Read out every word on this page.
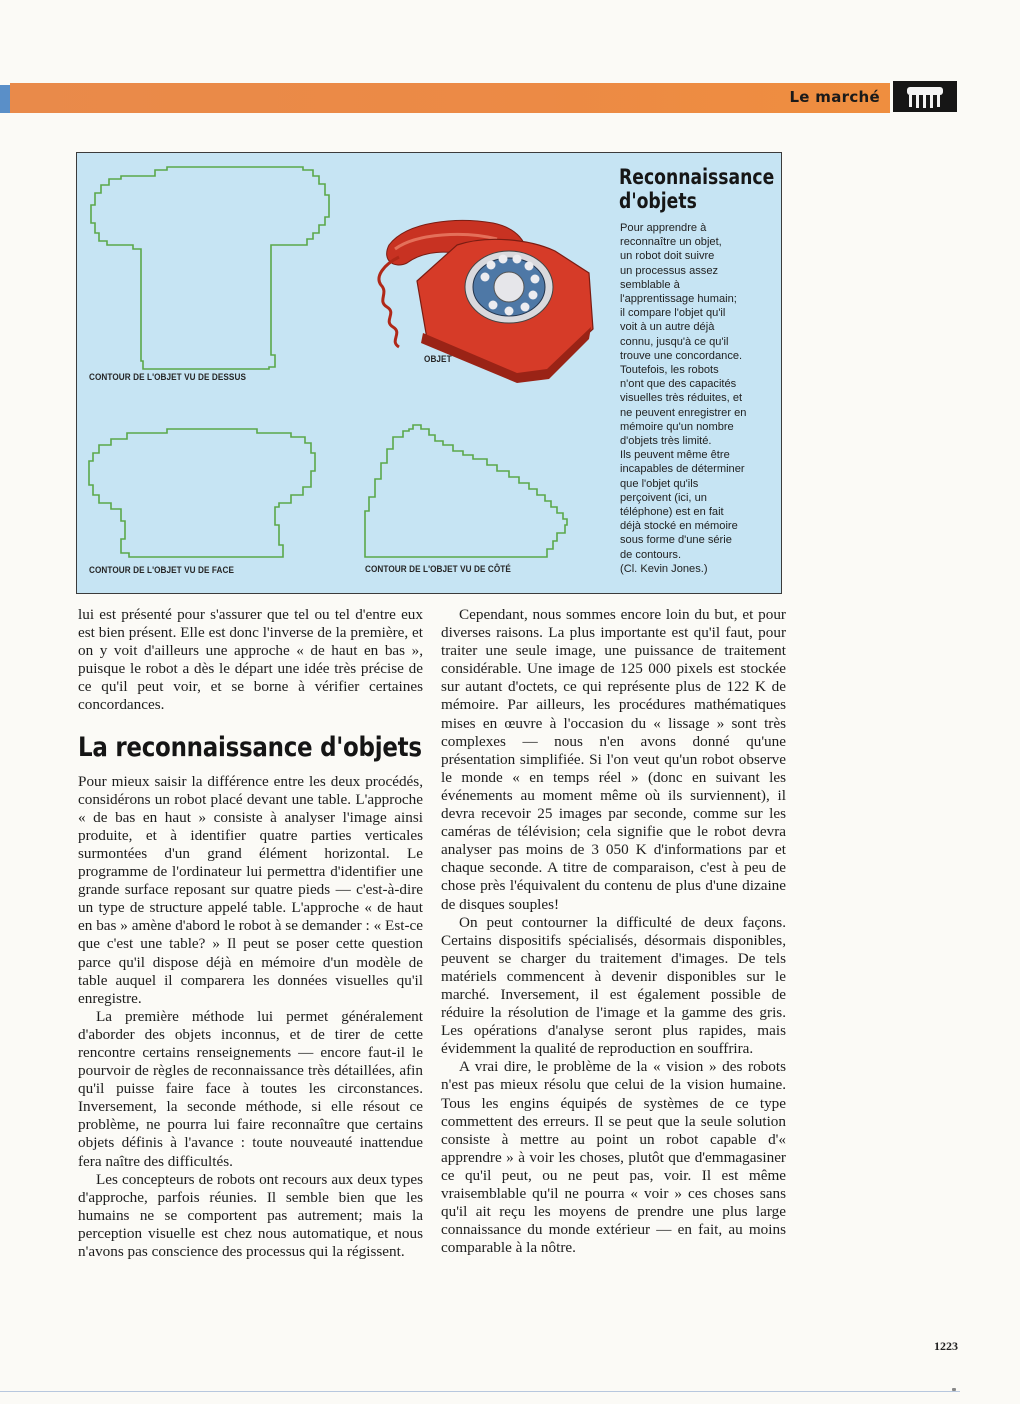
Le marché
CONTOUR DE L'OBJET VU DE DESSUS
OBJET
CONTOUR DE L'OBJET VU DE FACE	CONTOUR DE L'OBJET VU DE CÔTÉ
Reconnaissance
d'objets
Pour apprendre à
reconnaître un objet,
un robot doit suivre
un processus assez
semblable à
l'apprentissage humain;
il compare l'objet qu'il
voit à un autre déjà
connu, jusqu'à ce qu'il
trouve une concordance.
Toutefois, les robots
n'ont que des capacités
visuelles très réduites, et
ne peuvent enregistrer en
mémoire qu'un nombre
d'objets très limité.
Ils peuvent même être
incapables de déterminer
que l'objet qu'ils
perçoivent (ici, un
téléphone) est en fait
déjà stocké en mémoire
sous forme d'une série
de contours.
(Cl. Kevin Jones.)

lui est présenté pour s'assurer que tel ou tel d'entre eux est bien présent. Elle est donc l'inverse de la première, et on y voit d'ailleurs une approche « de haut en bas », puisque le robot a dès le départ une idée très précise de ce qu'il peut voir, et se borne à vérifier certaines concordances.

La reconnaissance d'objets

Pour mieux saisir la différence entre les deux procédés, considérons un robot placé devant une table. L'approche « de bas en haut » consiste à analyser l'image ainsi produite, et à identifier quatre parties verticales surmontées d'un grand élément horizontal. Le programme de l'ordinateur lui permettra d'identifier une grande surface reposant sur quatre pieds — c'est-à-dire un type de structure appelé table. L'approche « de haut en bas » amène d'abord le robot à se demander : « Est-ce que c'est une table? » Il peut se poser cette question parce qu'il dispose déjà en mémoire d'un modèle de table auquel il comparera les données visuelles qu'il enregistre.

La première méthode lui permet généralement d'aborder des objets inconnus, et de tirer de cette rencontre certains renseignements — encore faut-il le pourvoir de règles de reconnaissance très détaillées, afin qu'il puisse faire face à toutes les circonstances. Inversement, la seconde méthode, si elle résout ce problème, ne pourra lui faire reconnaître que certains objets définis à l'avance : toute nouveauté inattendue fera naître des difficultés.

Les concepteurs de robots ont recours aux deux types d'approche, parfois réunies. Il semble bien que les humains ne se comportent pas autrement; mais la perception visuelle est chez nous automatique, et nous n'avons pas conscience des processus qui la régissent.

Cependant, nous sommes encore loin du but, et pour diverses raisons. La plus importante est qu'il faut, pour traiter une seule image, une puissance de traitement considérable. Une image de 125 000 pixels est stockée sur autant d'octets, ce qui représente plus de 122 K de mémoire. Par ailleurs, les procédures mathématiques mises en œuvre à l'occasion du « lissage » sont très complexes — nous n'en avons donné qu'une présentation simplifiée. Si l'on veut qu'un robot observe le monde « en temps réel » (donc en suivant les événements au moment même où ils surviennent), il devra recevoir 25 images par seconde, comme sur les caméras de télévision; cela signifie que le robot devra analyser pas moins de 3 050 K d'informations par et chaque seconde. A titre de comparaison, c'est à peu de chose près l'équivalent du contenu de plus d'une dizaine de disques souples!

On peut contourner la difficulté de deux façons. Certains dispositifs spécialisés, désormais disponibles, peuvent se charger du traitement d'images. De tels matériels commencent à devenir disponibles sur le marché. Inversement, il est également possible de réduire la résolution de l'image et la gamme des gris. Les opérations d'analyse seront plus rapides, mais évidemment la qualité de reproduction en souffrira.

A vrai dire, le problème de la « vision » des robots n'est pas mieux résolu que celui de la vision humaine. Tous les engins équipés de systèmes de ce type commettent des erreurs. Il se peut que la seule solution consiste à mettre au point un robot capable d'« apprendre » à voir les choses, plutôt que d'emmagasiner ce qu'il peut, ou ne peut pas, voir. Il est même vraisemblable qu'il ne pourra « voir » ces choses sans qu'il ait reçu les moyens de prendre une plus large connaissance du monde extérieur — en fait, au moins comparable à la nôtre.

1223
